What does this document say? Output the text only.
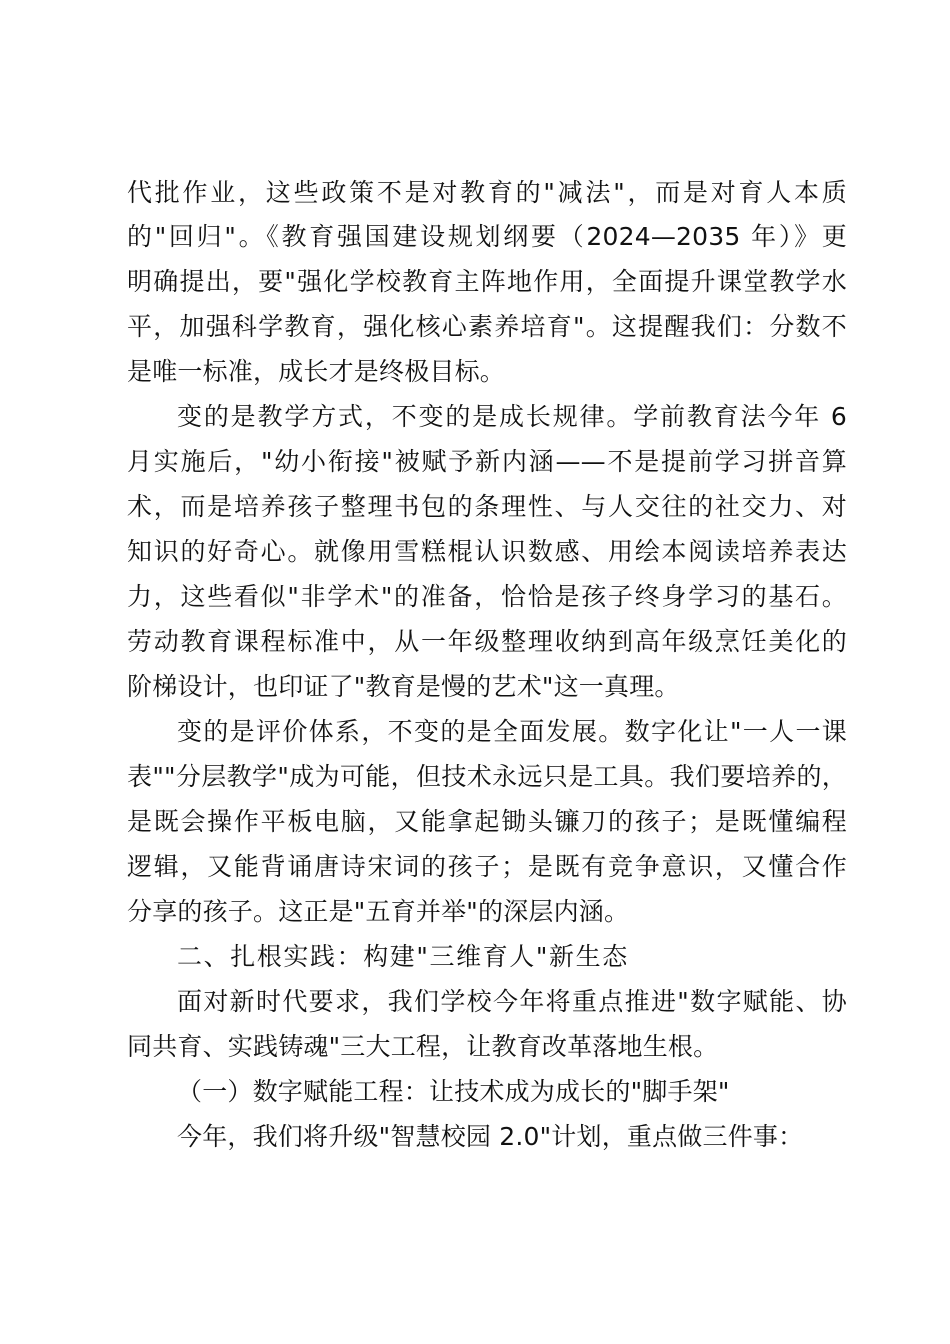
代批作业，这些政策不是对教育的"减法"，而是对育人本质
的"回归"。《教育强国建设规划纲要（2024—2035 年）》更
明确提出，要"强化学校教育主阵地作用，全面提升课堂教学水
平，加强科学教育，强化核心素养培育"。这提醒我们：分数不
是唯一标准，成长才是终极目标。
变的是教学方式，不变的是成长规律。学前教育法今年 6
月实施后，"幼小衔接"被赋予新内涵——不是提前学习拼音算
术，而是培养孩子整理书包的条理性、与人交往的社交力、对
知识的好奇心。就像用雪糕棍认识数感、用绘本阅读培养表达
力，这些看似"非学术"的准备，恰恰是孩子终身学习的基石。
劳动教育课程标准中，从一年级整理收纳到高年级烹饪美化的
阶梯设计，也印证了"教育是慢的艺术"这一真理。
变的是评价体系，不变的是全面发展。数字化让"一人一课
表""分层教学"成为可能，但技术永远只是工具。我们要培养的，
是既会操作平板电脑，又能拿起锄头镰刀的孩子；是既懂编程
逻辑，又能背诵唐诗宋词的孩子；是既有竞争意识，又懂合作
分享的孩子。这正是"五育并举"的深层内涵。
二、扎根实践：构建"三维育人"新生态
面对新时代要求，我们学校今年将重点推进"数字赋能、协
同共育、实践铸魂"三大工程，让教育改革落地生根。
（一）数字赋能工程：让技术成为成长的"脚手架"
今年，我们将升级"智慧校园 2.0"计划，重点做三件事：
